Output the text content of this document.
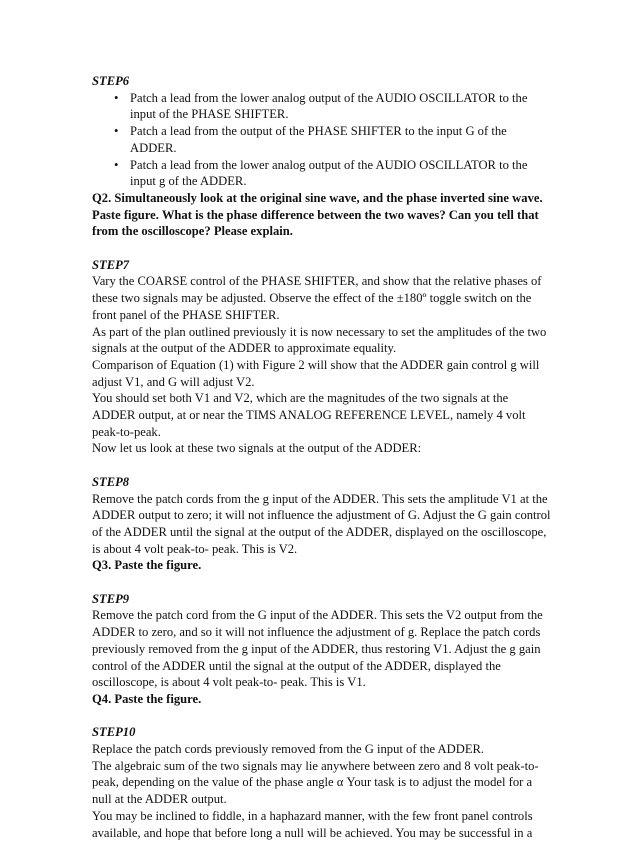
STEP6

• Patch a lead from the lower analog output of the AUDIO OSCILLATOR to the input of the PHASE SHIFTER.
• Patch a lead from the output of the PHASE SHIFTER to the input G of the ADDER.
• Patch a lead from the lower analog output of the AUDIO OSCILLATOR to the input g of the ADDER.

Q2. Simultaneously look at the original sine wave, and the phase inverted sine wave. Paste figure. What is the phase difference between the two waves? Can you tell that from the oscilloscope? Please explain.

STEP7

Vary the COARSE control of the PHASE SHIFTER, and show that the relative phases of these two signals may be adjusted. Observe the effect of the ±180º toggle switch on the front panel of the PHASE SHIFTER.

As part of the plan outlined previously it is now necessary to set the amplitudes of the two signals at the output of the ADDER to approximate equality.

Comparison of Equation (1) with Figure 2 will show that the ADDER gain control g will adjust V1, and G will adjust V2.

You should set both V1 and V2, which are the magnitudes of the two signals at the ADDER output, at or near the TIMS ANALOG REFERENCE LEVEL, namely 4 volt peak-to-peak.

Now let us look at these two signals at the output of the ADDER:

STEP8

Remove the patch cords from the g input of the ADDER. This sets the amplitude V1 at the ADDER output to zero; it will not influence the adjustment of G. Adjust the G gain control of the ADDER until the signal at the output of the ADDER, displayed on the oscilloscope, is about 4 volt peak-to- peak. This is V2.

Q3. Paste the figure.

STEP9

Remove the patch cord from the G input of the ADDER. This sets the V2 output from the ADDER to zero, and so it will not influence the adjustment of g. Replace the patch cords previously removed from the g input of the ADDER, thus restoring V1. Adjust the g gain control of the ADDER until the signal at the output of the ADDER, displayed the oscilloscope, is about 4 volt peak-to- peak. This is V1.

Q4. Paste the figure.

STEP10

Replace the patch cords previously removed from the G input of the ADDER.

The algebraic sum of the two signals may lie anywhere between zero and 8 volt peak-to-peak, depending on the value of the phase angle α Your task is to adjust the model for a null at the ADDER output.

You may be inclined to fiddle, in a haphazard manner, with the few front panel controls available, and hope that before long a null will be achieved. You may be successful in a
